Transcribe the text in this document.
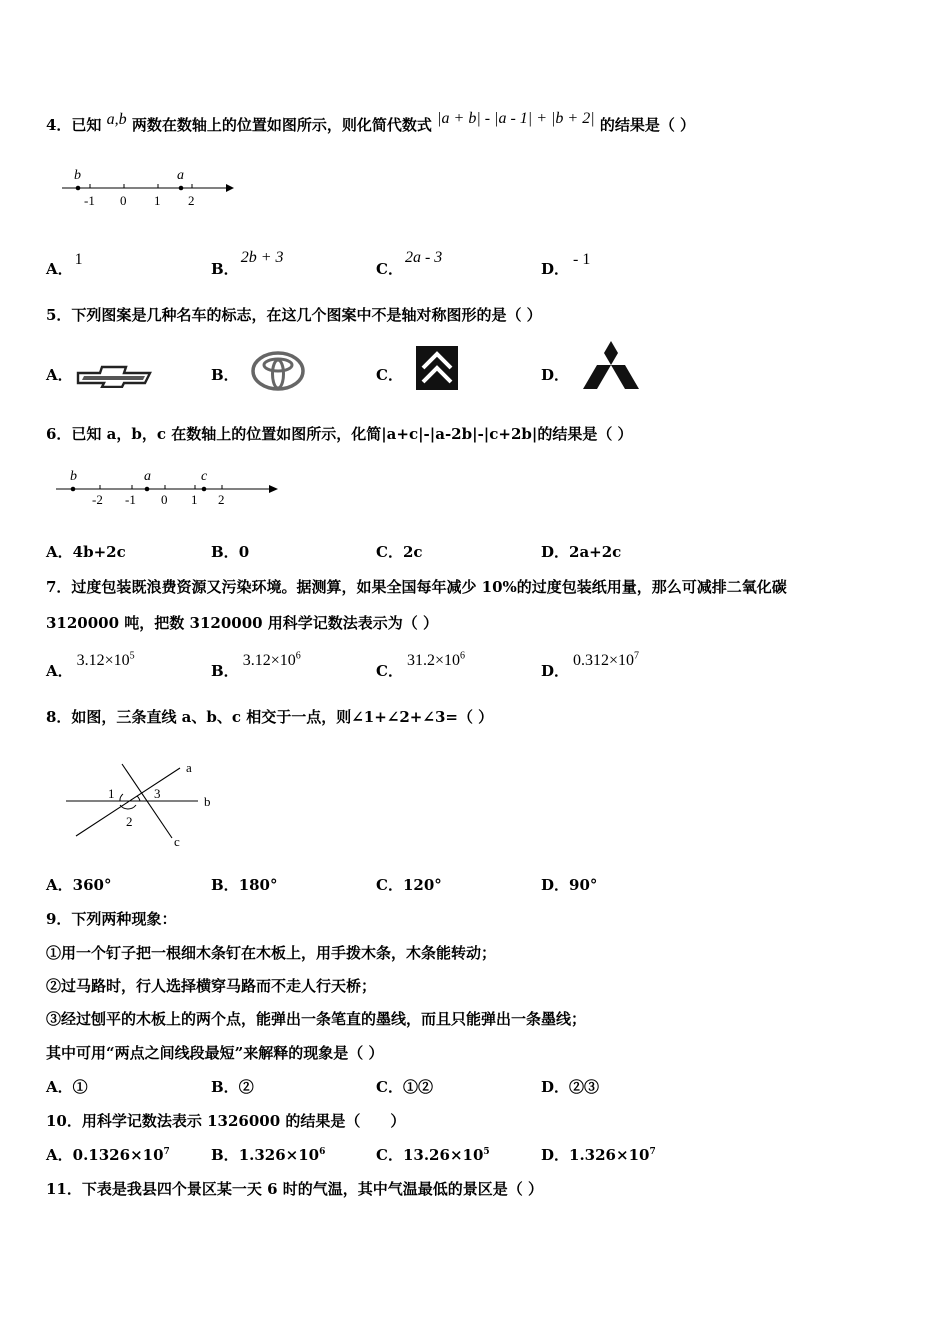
4．已知 a,b 两数在数轴上的位置如图所示，则化简代数式 |a + b| - |a - 1| + |b + 2| 的结果是（ ）
b	a
-1 0 1 2
A．1
B．2b + 3
C．2a - 3
D．- 1
5．下列图案是几种名车的标志，在这几个图案中不是轴对称图形的是（ ）
A．	B．	C．	D．
6．已知 a，b，c 在数轴上的位置如图所示，化简|a+c|-|a-2b|-|c+2b|的结果是（ ）
b	a	c
-2 -1 0 1 2
A．4b+2c	B．0	C．2c	D．2a+2c
7．过度包装既浪费资源又污染环境。据测算，如果全国每年减少 10%的过度包装纸用量，那么可减排二氧化碳
3120000 吨，把数 3120000 用科学记数法表示为（ ）
A．$3.12\times 10^5$
B．$3.12\times 10^6$
C．$31.2\times 10^6$
D．$0.312\times 10^7$
8．如图，三条直线 a、b、c 相交于一点，则∠1+∠2+∠3=（ ）
1
2
3
a
b
c
A．360°	B．180°	C．120°	D．90°
9．下列两种现象：
①用一个钉子把一根细木条钉在木板上，用手拨木条，木条能转动；
②过马路时，行人选择横穿马路而不走人行天桥；
③经过刨平的木板上的两个点，能弹出一条笔直的墨线，而且只能弹出一条墨线；
其中可用“两点之间线段最短”来解释的现象是（ ）
A．①	B．②	C．①②	D．②③
10．用科学记数法表示 1326000 的结果是（　　）
A．$0.1326\times 10^7$	B．$1.326\times 10^6$	C．$13.26\times 10^5$	D．$1.326\times 10^7$
11．下表是我县四个景区某一天 6 时的气温，其中气温最低的景区是（ ）
